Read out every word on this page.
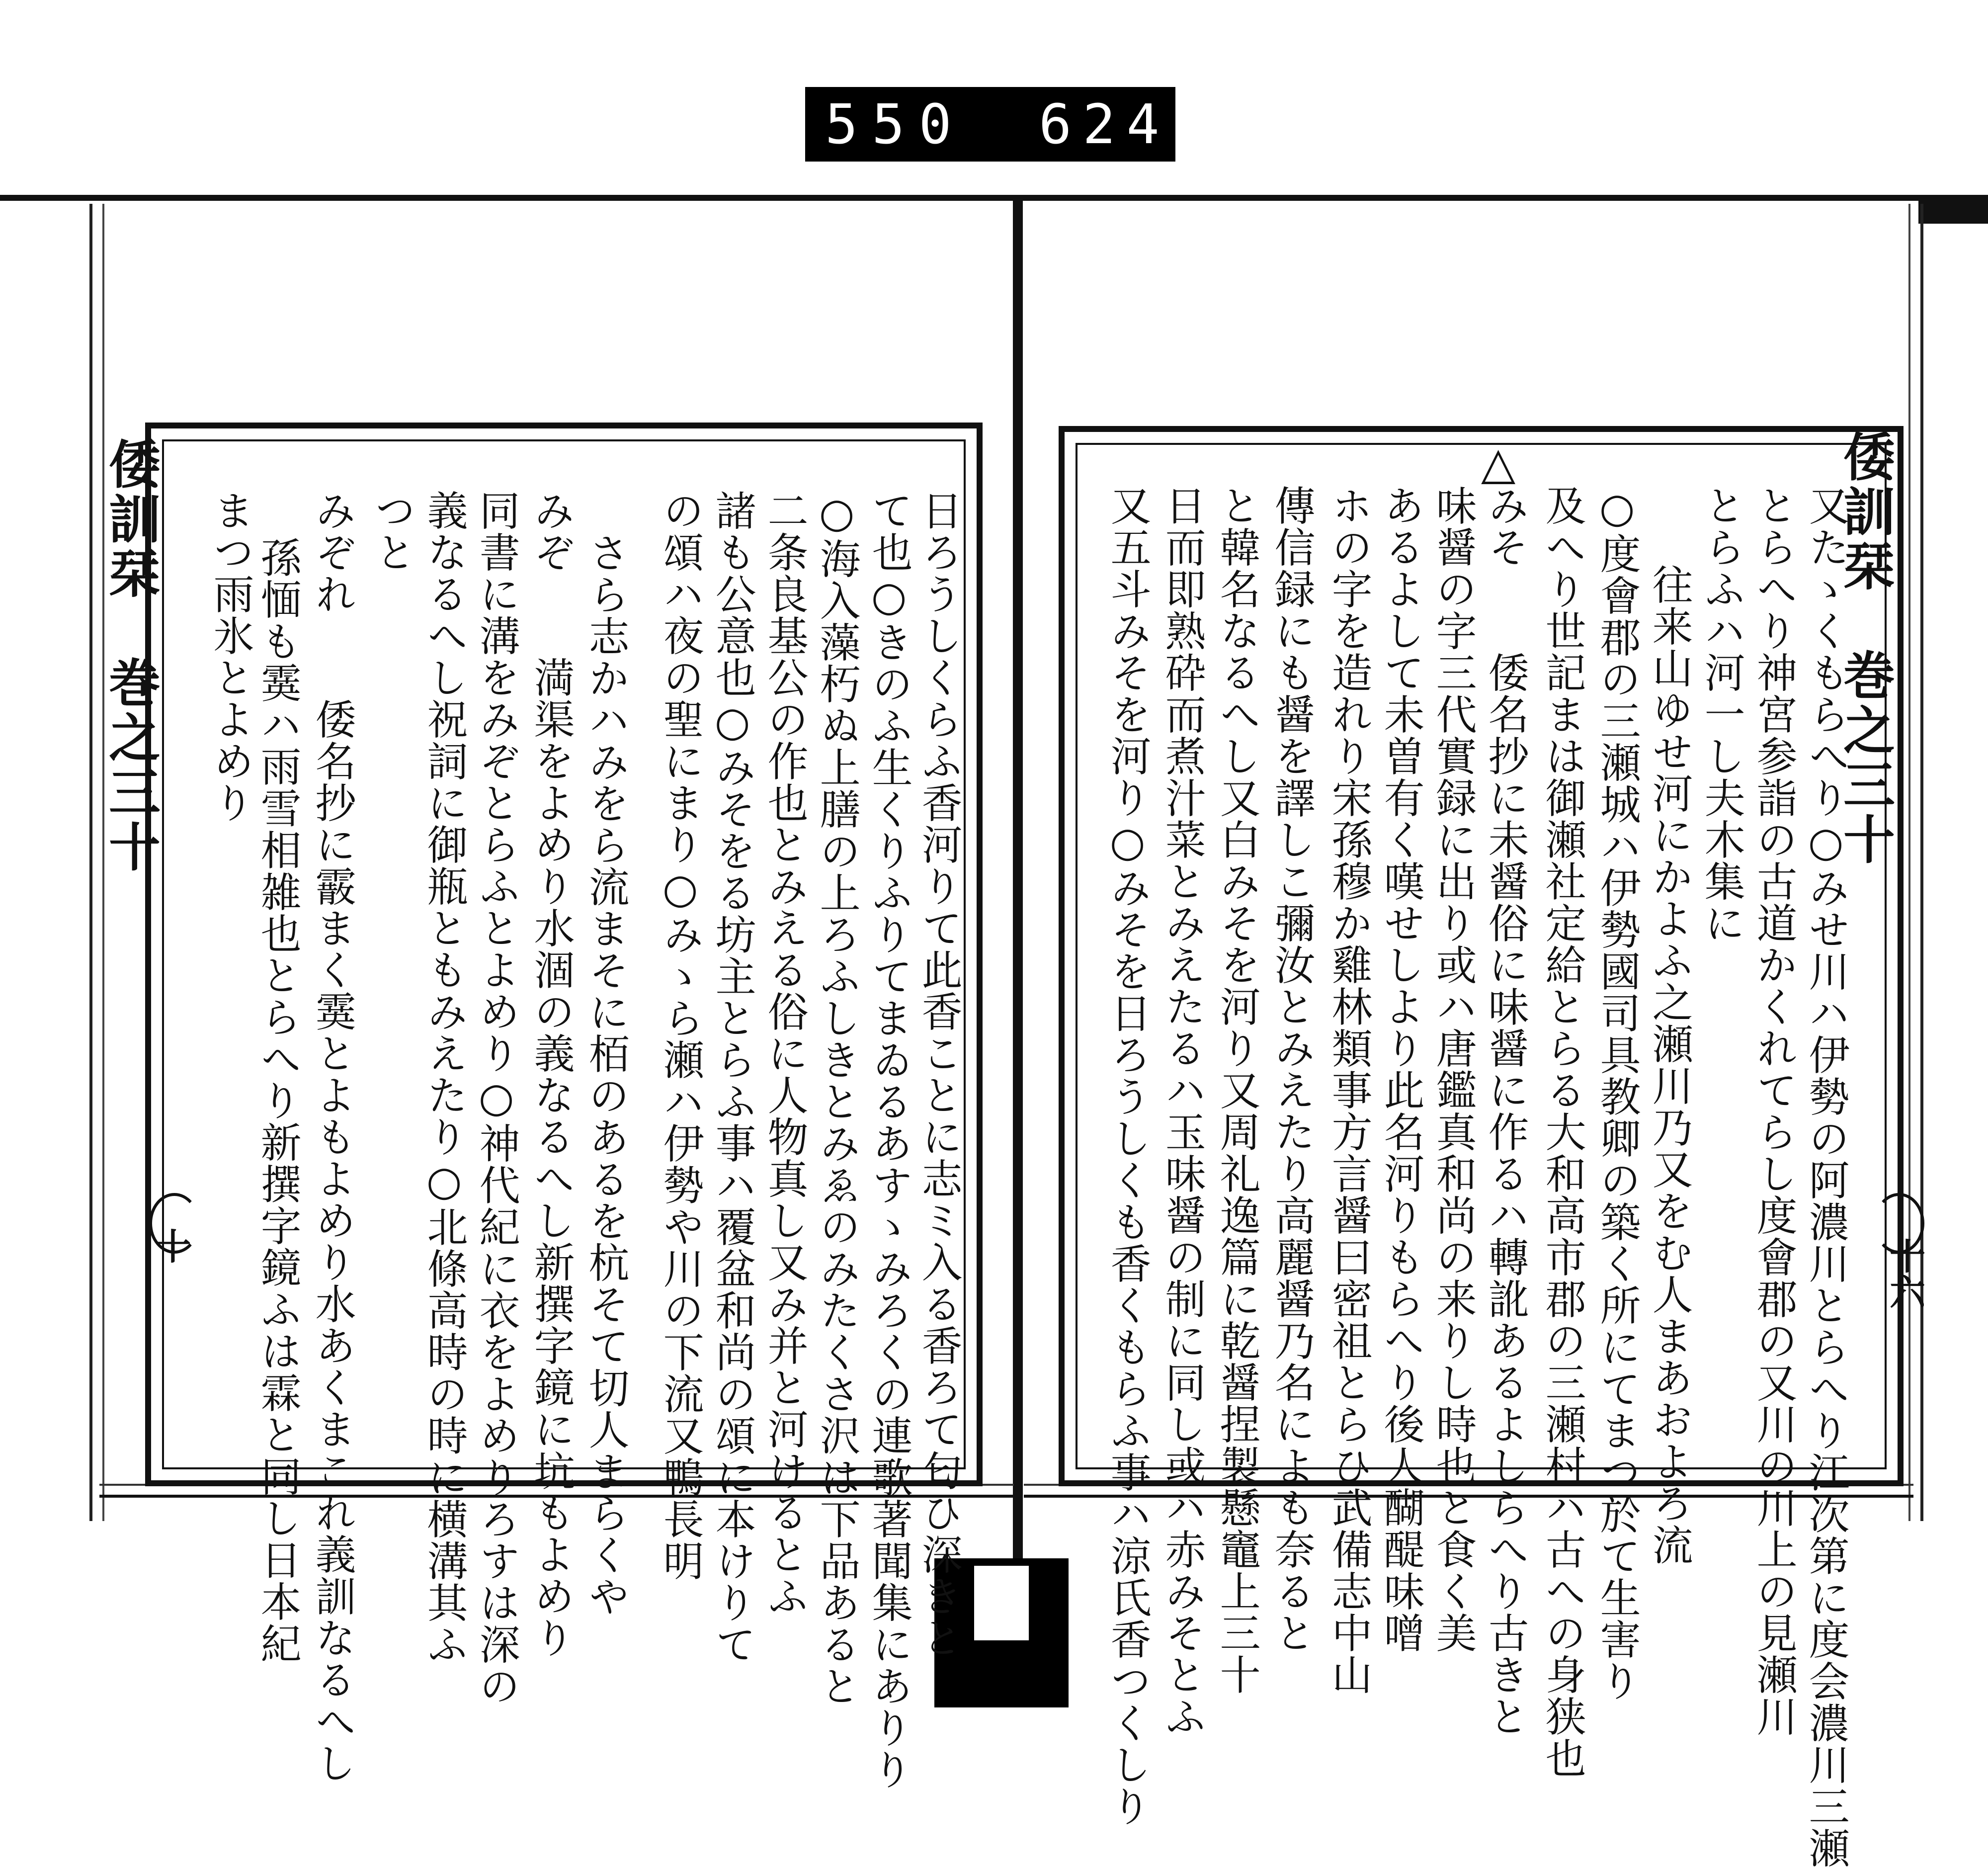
550 624.
倭訓栞　巻之三十	倭訓栞　巻之三十
十	十六
日ろうしくらふ香河りて此香ことに志ミ入る香ろて匂ひ深きと
て也○きのふ生くりふりてまゐるあすゝみろくの連歌著聞集にありり
○海入藻朽ぬ上膳の上ろふしきとみゑのみたくさ沢は下品あると
二条良基公の作也とみえる俗に人物真し又み并と河けるとふ
諸も公意也○みそをる坊主とらふ事ハ覆盆和尚の頌に本けりて
の頌ハ夜の聖にまり○みゝら瀬ハ伊勢や川の下流又鴨長明
さら志かハみをら流まそに栢のあるを杭そて切人まらくや
みぞ　　満渠をよめり水涸の義なるへし新撰字鏡に坑もよめり
同書に溝をみぞとらふとよめり○神代紀に衣をよめりろすは深の
義なるへし祝詞に御瓶ともみえたり○北條高時の時に横溝其ふ
つと
みぞれ　　倭名抄に霰まく霙とよもよめり水あくまこれ義訓なるへし
孫愐も霙ハ雨雪相雑也とらへり新撰字鏡ふは霖と同し日本紀
まつ雨氷とよめり	又たゝくもらへり○みせ川ハ伊勢の阿濃川とらへり江次第に度会濃川三瀬
とらへり神宮参詣の古道かくれてらし度會郡の又川の川上の見瀬川
とらふハ河一し夫木集に
　往来山ゆせ河にかよふ之瀬川乃又をむ人まあおよろ流
○度會郡の三瀬城ハ伊勢國司具教卿の築く所にてまつ於て生害り
及へり世記まは御瀬社定給とらる大和高市郡の三瀬村ハ古への身狭也
△
みそ　　倭名抄に未醤俗に味醤に作るハ轉訛あるよしらへり古きと
味醤の字三代實録に出り或ハ唐鑑真和尚の来りし時也と食く美
あるよして未曽有く嘆せしより此名河りもらへり後人醐醍味噌
ホの字を造れり宋孫穆か雞林類事方言醤曰密祖とらひ武備志中山
傳信録にも醤を譯しこ彌汝とみえたり高麗醤乃名によも奈ると
と韓名なるへし又白みそを河り又周礼逸篇に乾醤捏製懸竈上三十
日而即熟砕而煮汁菜とみえたるハ玉味醤の制に同し或ハ赤みそとふ
又五斗みそを河り○みそを日ろうしくも香くもらふ事ハ涼氏香つくしり
